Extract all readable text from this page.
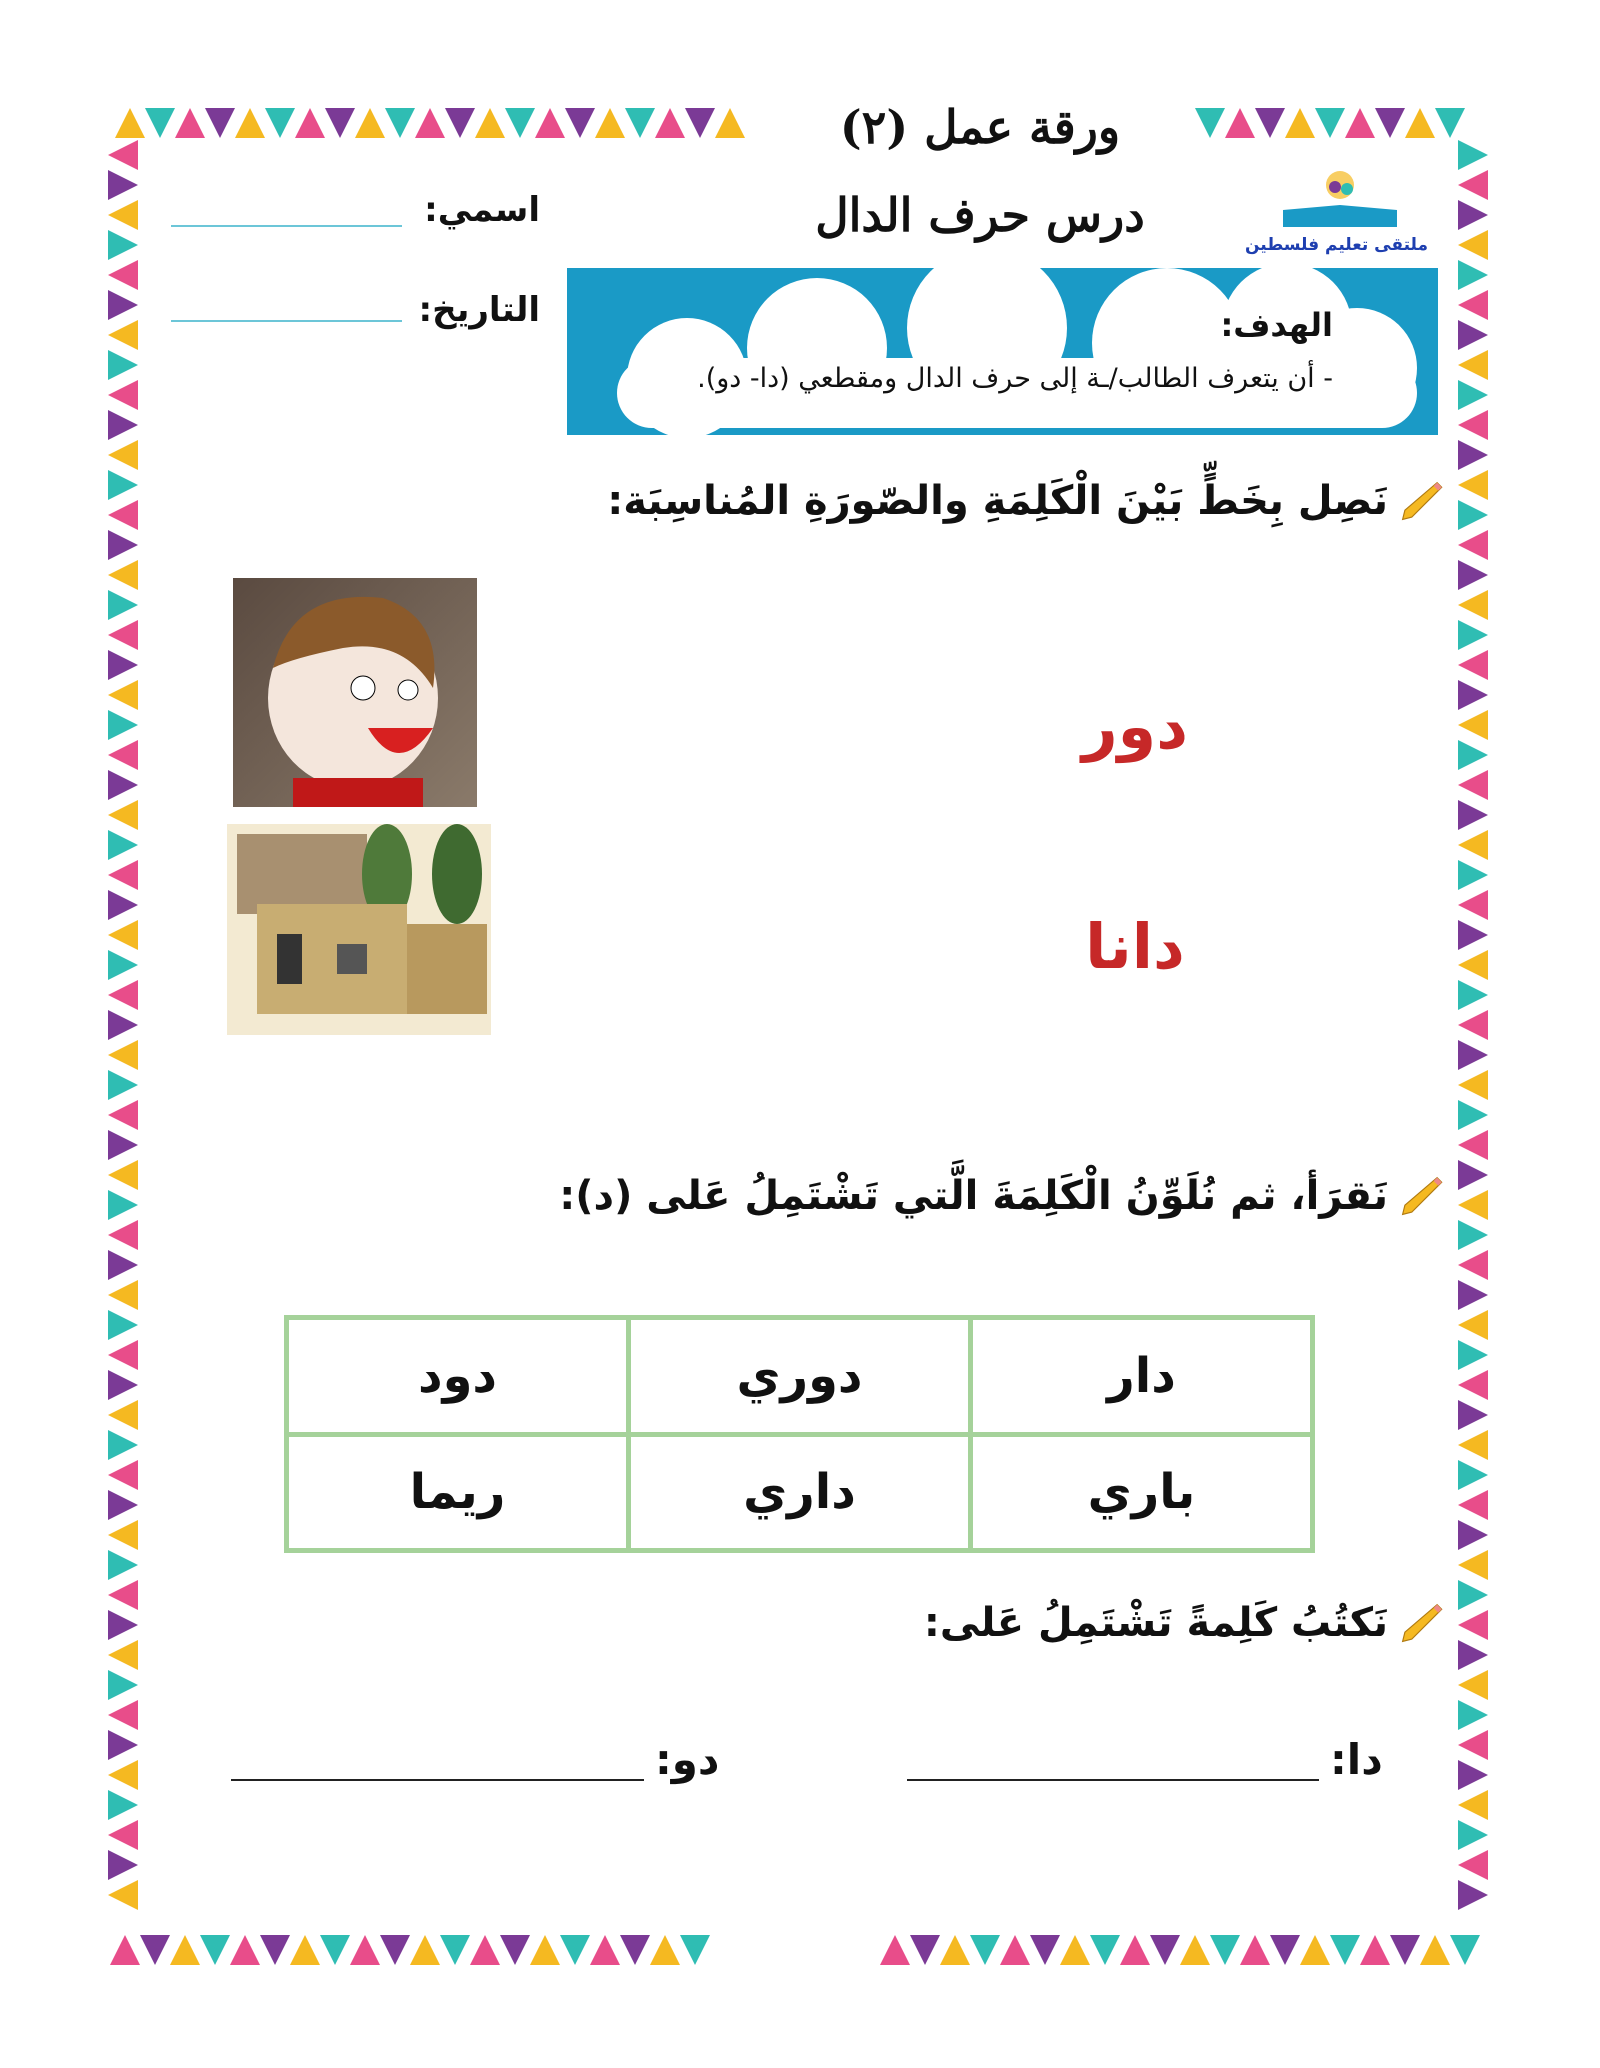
ورقة عمل (٢)
درس حرف الدال
ملتقى تعليم فلسطين
اسمي:
التاريخ:	الهدف:
- أن يتعرف الطالب/ـة إلى حرف الدال ومقطعي (دا- دو).
نَصِل بِخَطٍّ بَيْنَ الْكَلِمَةِ والصّورَةِ المُناسِبَة:
دور
دانا
نَقرَأ، ثم نُلَوِّنُ الْكَلِمَةَ الَّتي تَشْتَمِلُ عَلى (د):
دار	دوري	دود
باري	داري	ريما
نَكتُبُ كَلِمةً تَشْتَمِلُ عَلى:
دا:
دو:
